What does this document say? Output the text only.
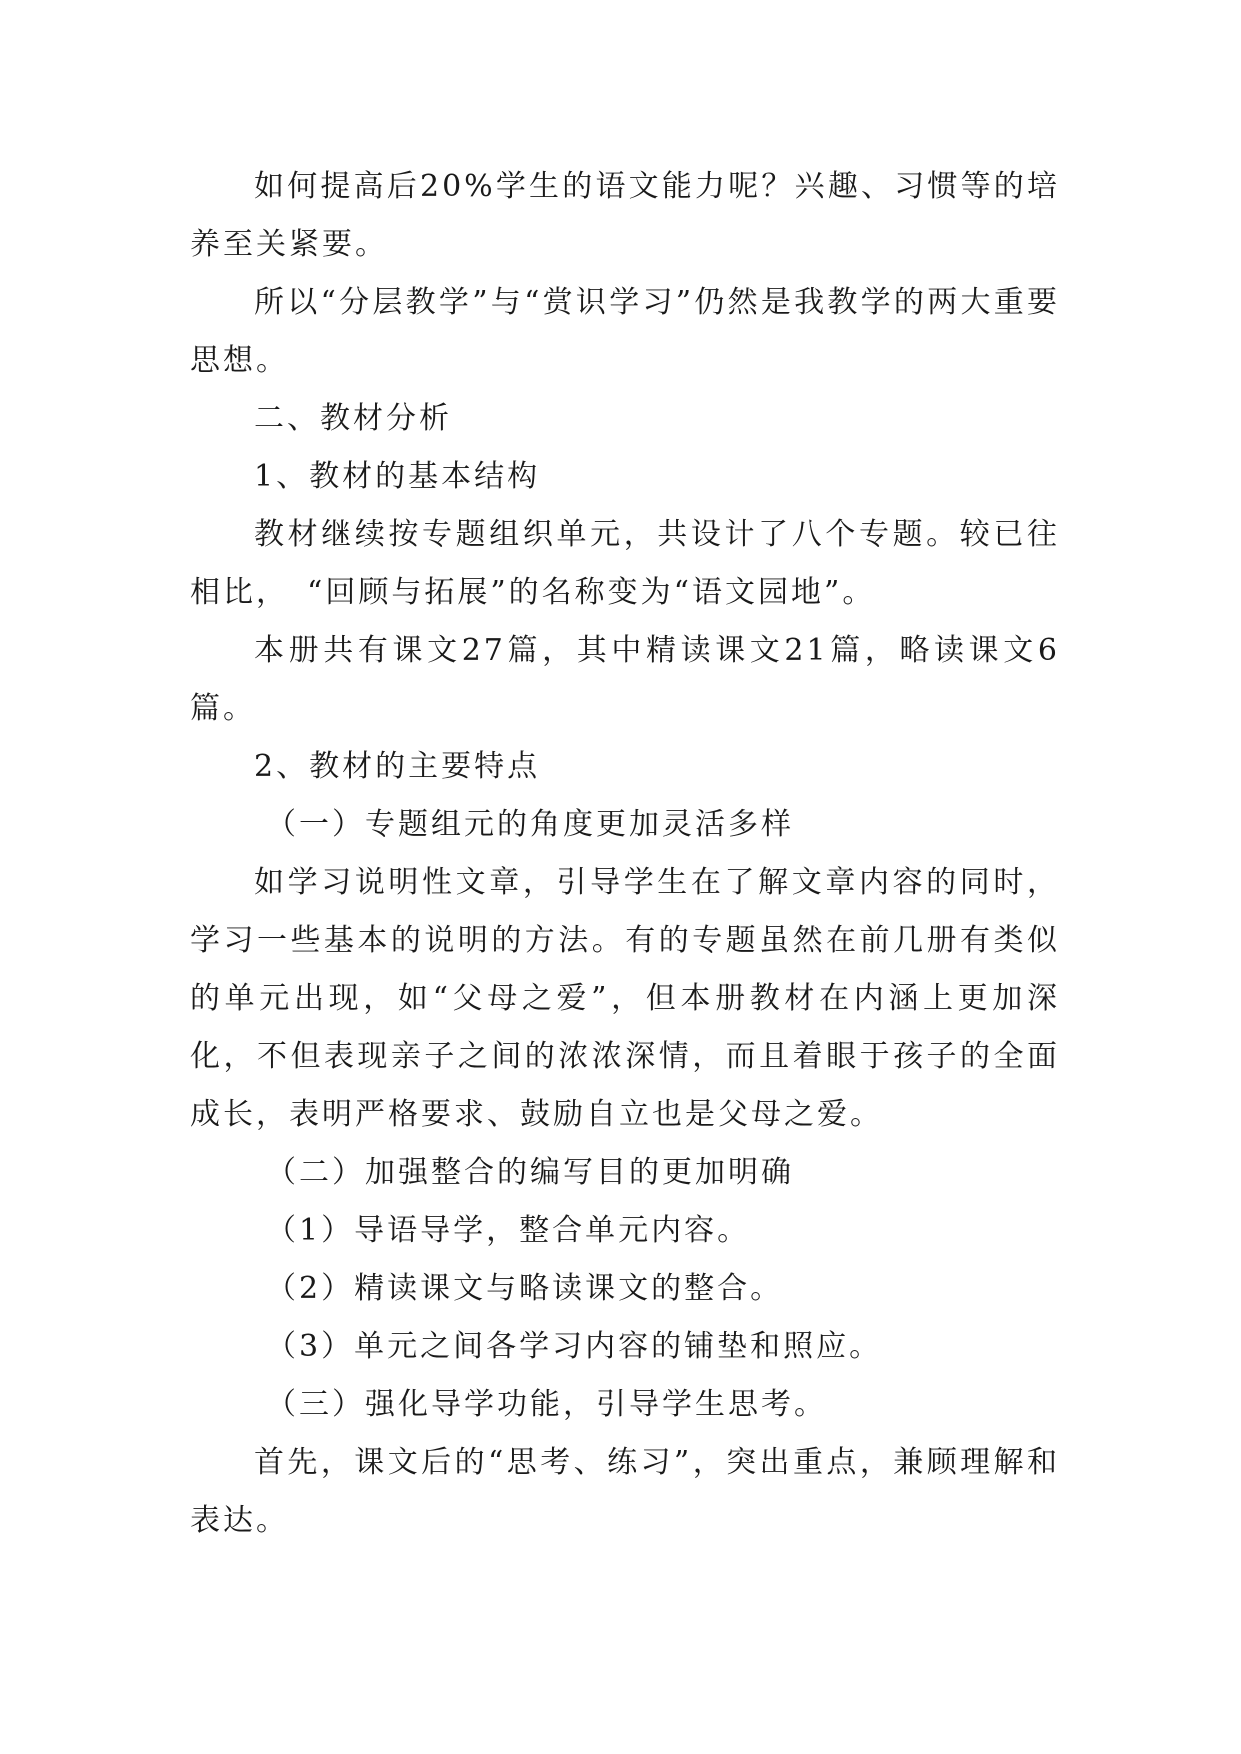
如何提高后20%学生的语文能力呢？兴趣、习惯等的培养至关紧要。

所以“分层教学”与“赏识学习”仍然是我教学的两大重要思想。

二、教材分析

1、教材的基本结构

教材继续按专题组织单元，共设计了八个专题。较已往相比，　“回顾与拓展”的名称变为“语文园地”。

本册共有课文27篇，其中精读课文21篇，略读课文6篇。

2、教材的主要特点

（一）专题组元的角度更加灵活多样

如学习说明性文章，引导学生在了解文章内容的同时，学习一些基本的说明的方法。有的专题虽然在前几册有类似的单元出现，如“父母之爱”，但本册教材在内涵上更加深化，不但表现亲子之间的浓浓深情，而且着眼于孩子的全面成长，表明严格要求、鼓励自立也是父母之爱。

（二）加强整合的编写目的更加明确

（1）导语导学，整合单元内容。

（2）精读课文与略读课文的整合。

（3）单元之间各学习内容的铺垫和照应。

（三）强化导学功能，引导学生思考。

首先，课文后的“思考、练习”，突出重点，兼顾理解和表达。
